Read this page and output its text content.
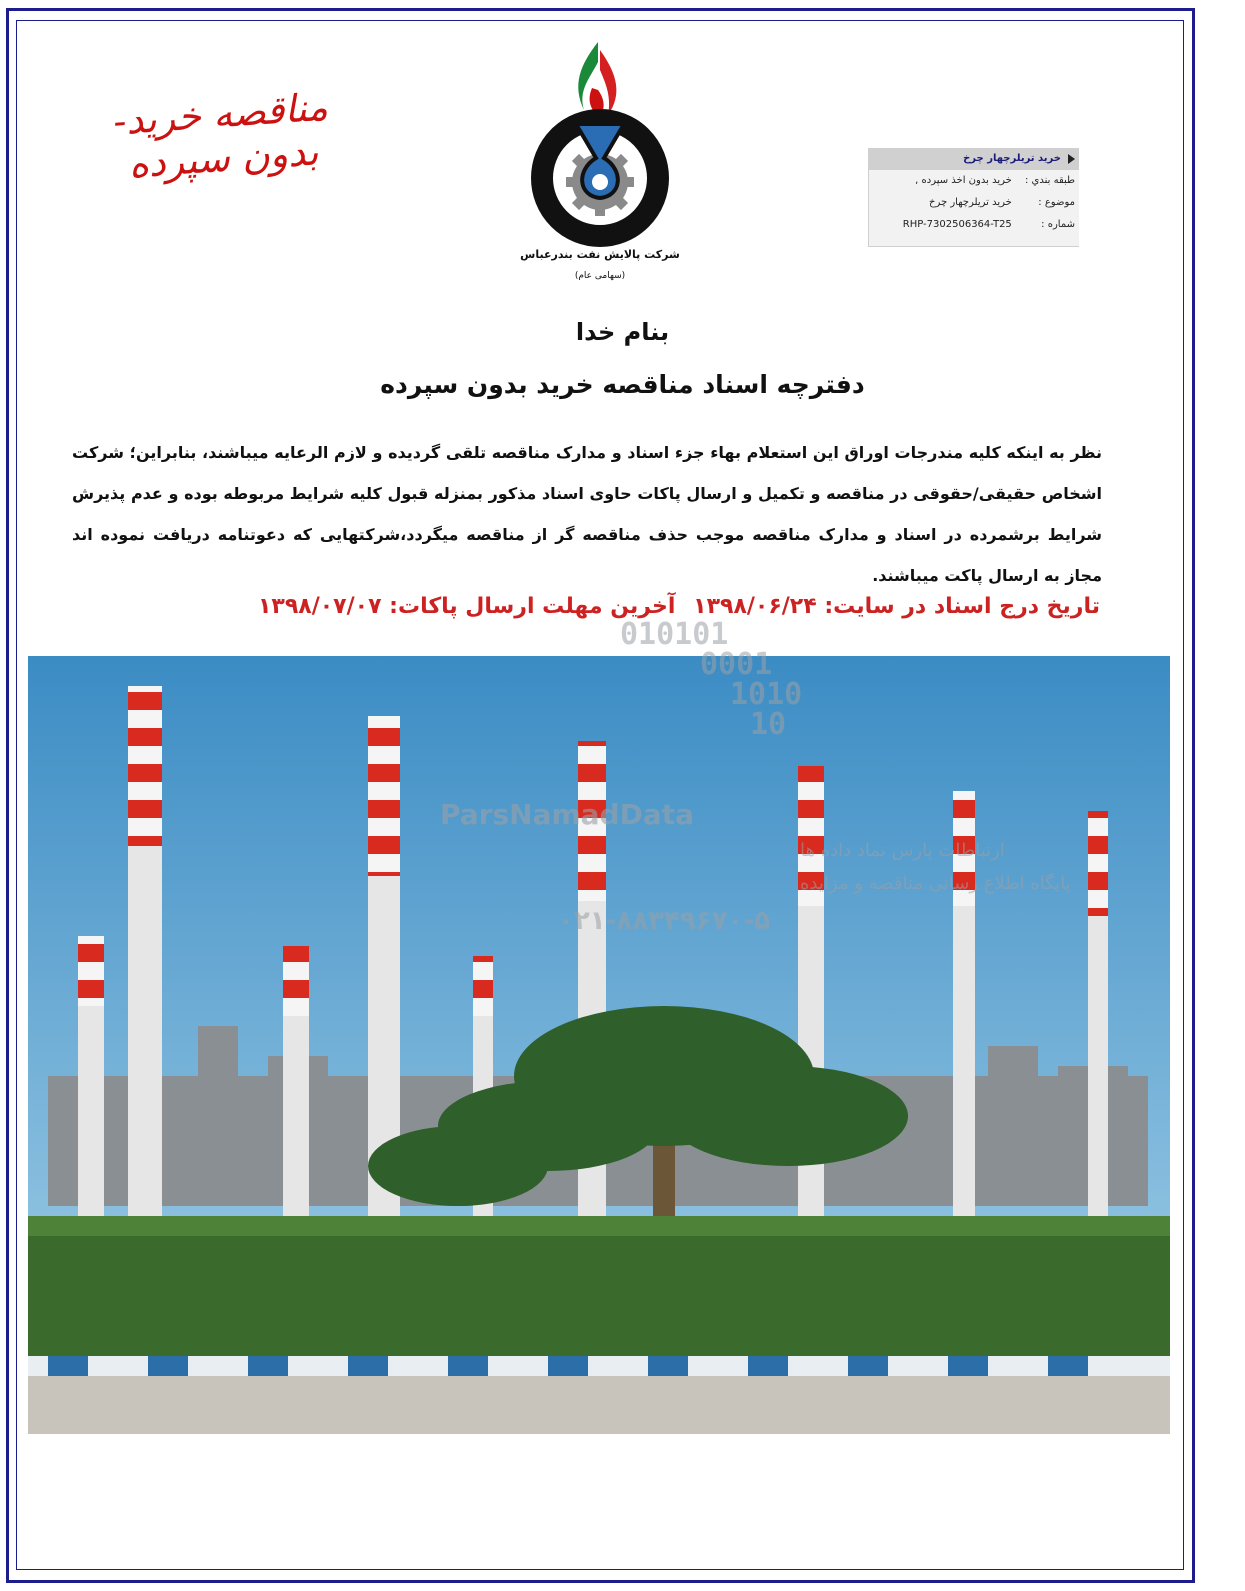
مناقصه خرید- بدون سپرده
B.O.R.C
شرکت پالایش نفت بندرعباس
(سهامی عام)
خريد تريلرچهار چرخ
طبقه بندي : خريد بدون اخذ سپرده ,
موضوع : خريد تريلرچهار چرخ
شماره : RHP-7302506364-T25
بنام خدا
دفترچه اسناد مناقصه خرید بدون سپرده
نظر به اینکه کلیه مندرجات اوراق این استعلام بهاء جزء اسناد و مدارک مناقصه تلقی گردیده و لازم الرعایه میباشند، بنابراین؛ شرکت اشخاص حقیقی/حقوقی در مناقصه و تکمیل و ارسال پاکات حاوی اسناد مذکور بمنزله قبول کلیه شرایط مربوطه بوده و عدم پذیرش شرایط برشمرده در اسناد و مدارک مناقصه موجب حذف مناقصه گر از مناقصه میگردد،شرکتهایی که دعوتنامه دریافت نموده اند مجاز به ارسال پاکت میباشند.
تاریخ درج اسناد در سایت: ۱۳۹۸/۰۶/۲۴
آخرین مهلت ارسال پاکات: ۱۳۹۸/۰۷/۰۷
010101
0001
1010
10
ParsNamadData
ارتباطات پارس نماد داده ها
پایگاه اطلاع رسانی مناقصه و مزایده
۰۲۱-۸۸۳۴۹۶۷۰-۵
